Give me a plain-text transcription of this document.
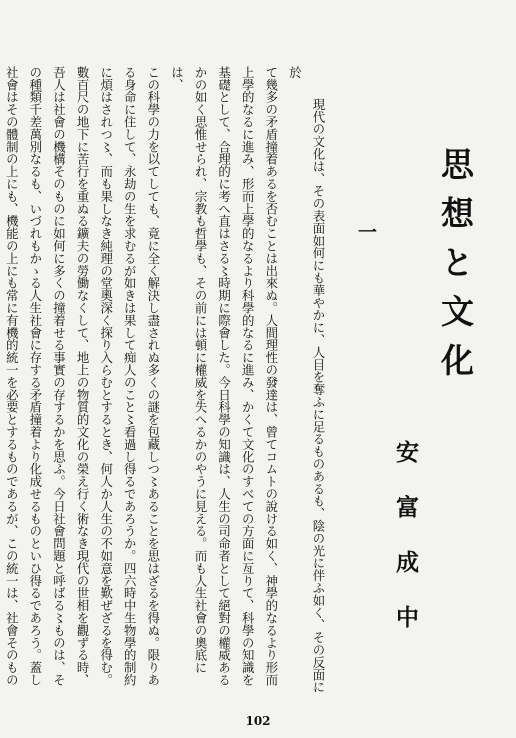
思想と文化
安富成中
一
現代の文化は、その表面如何にも華やかに、人目を奪ふに足るものあるも、陰の光に伴ふ如く、その反面に於
て幾多の矛盾撞着あるを否むことは出來ぬ。人間理性の發達は、曾てコムトの說ける如く、神學的なるより形而
上學的なるに進み、形而上學的なるより科學的なるに進み、かくて文化のすべての方面に亙りて、科學の知識を
基礎として、合理的に考へ直はさる〻時期に際會した。今日科學の知識は、人生の司命者として絕對の權威ある
かの如く思惟せられ、宗教も哲學も、その前には頓に權威を失へるかのやうに見える。而も人生社會の奧底には、
この科學の力を以てしても、竟に全く解決し盡されぬ多くの謎を包藏しつ〻あることを思はざるを得ぬ。限りあ
る身命に住して、永劫の生を求むるが如きは果して痴人のこと〻看過し得るであろうか。四六時中生物學的制約
に煩はされつ〻、而も果しなき純理の堂奧深く探り入らむとするとき、何人か人生の不如意を歎ぜざるを得む。
數百尺の地下に苦行を重ぬる鑛夫の勞働なくして、地上の物質的文化の榮え行く術なき現代の世相を觀ずる時、
吾人は社會の機構そのものに如何に多くの撞着せる事實の存するかを思ふ。今日社會問題と呼ばる〻ものは、そ
の種類千差萬別なるも、いづれもかゝる人生社會に存する矛盾撞着より化成せるものといひ得るであろう。蓋し
社會はその體制の上にも、機能の上にも常に有機的統一を必要とするものであるが、この統一は、社會そのもの
102
